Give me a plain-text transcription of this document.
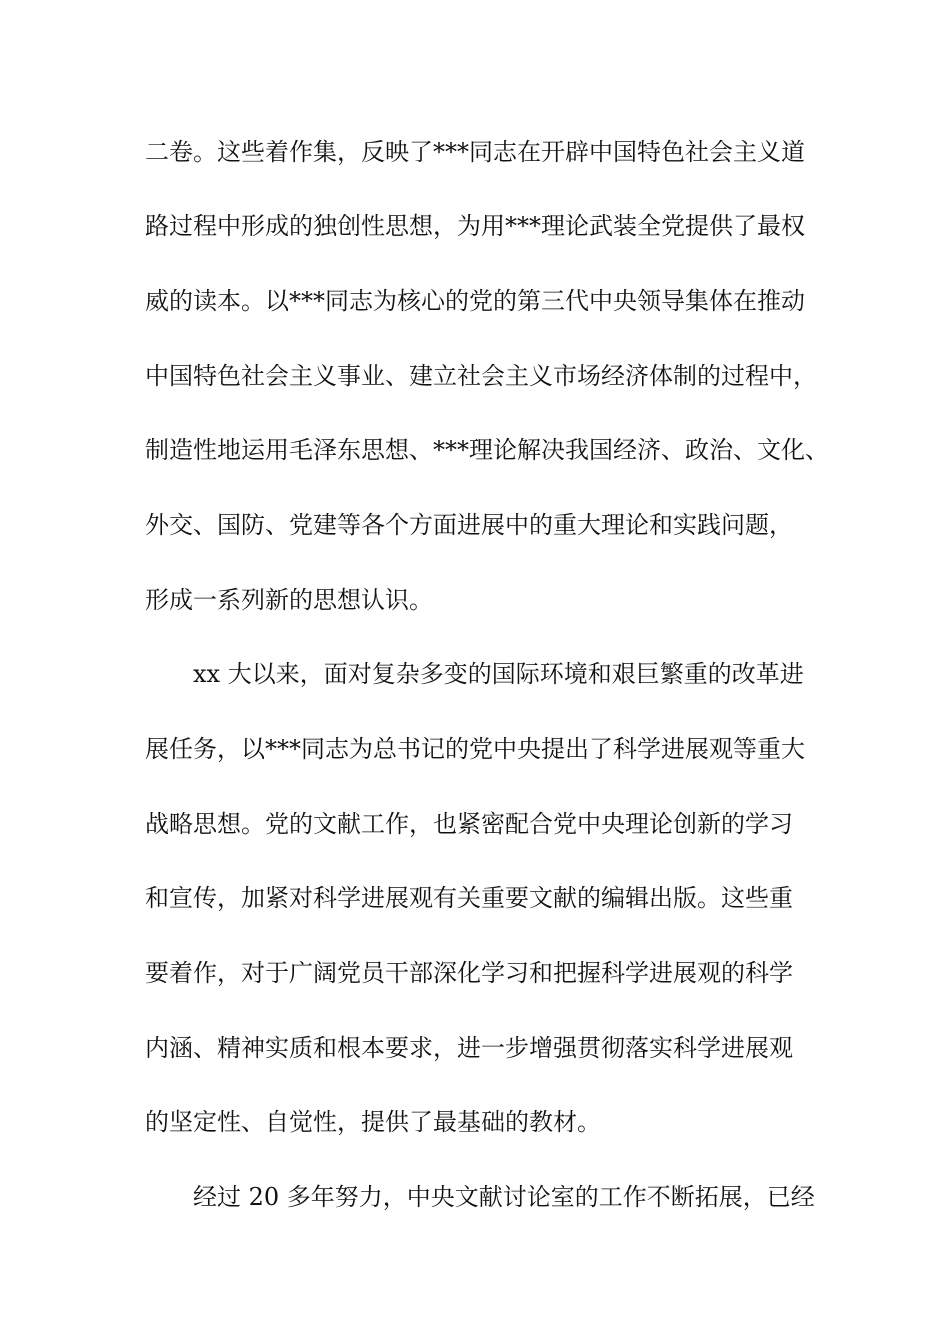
二卷。这些着作集，反映了***同志在开辟中国特色社会主义道
路过程中形成的独创性思想，为用***理论武装全党提供了最权
威的读本。以***同志为核心的党的第三代中央领导集体在推动
中国特色社会主义事业、建立社会主义市场经济体制的过程中，
制造性地运用毛泽东思想、***理论解决我国经济、政治、文化、
外交、国防、党建等各个方面进展中的重大理论和实践问题，
形成一系列新的思想认识。
xx 大以来，面对复杂多变的国际环境和艰巨繁重的改革进
展任务，以***同志为总书记的党中央提出了科学进展观等重大
战略思想。党的文献工作，也紧密配合党中央理论创新的学习
和宣传，加紧对科学进展观有关重要文献的编辑出版。这些重
要着作，对于广阔党员干部深化学习和把握科学进展观的科学
内涵、精神实质和根本要求，进一步增强贯彻落实科学进展观
的坚定性、自觉性，提供了最基础的教材。
经过 20 多年努力，中央文献讨论室的工作不断拓展，已经
